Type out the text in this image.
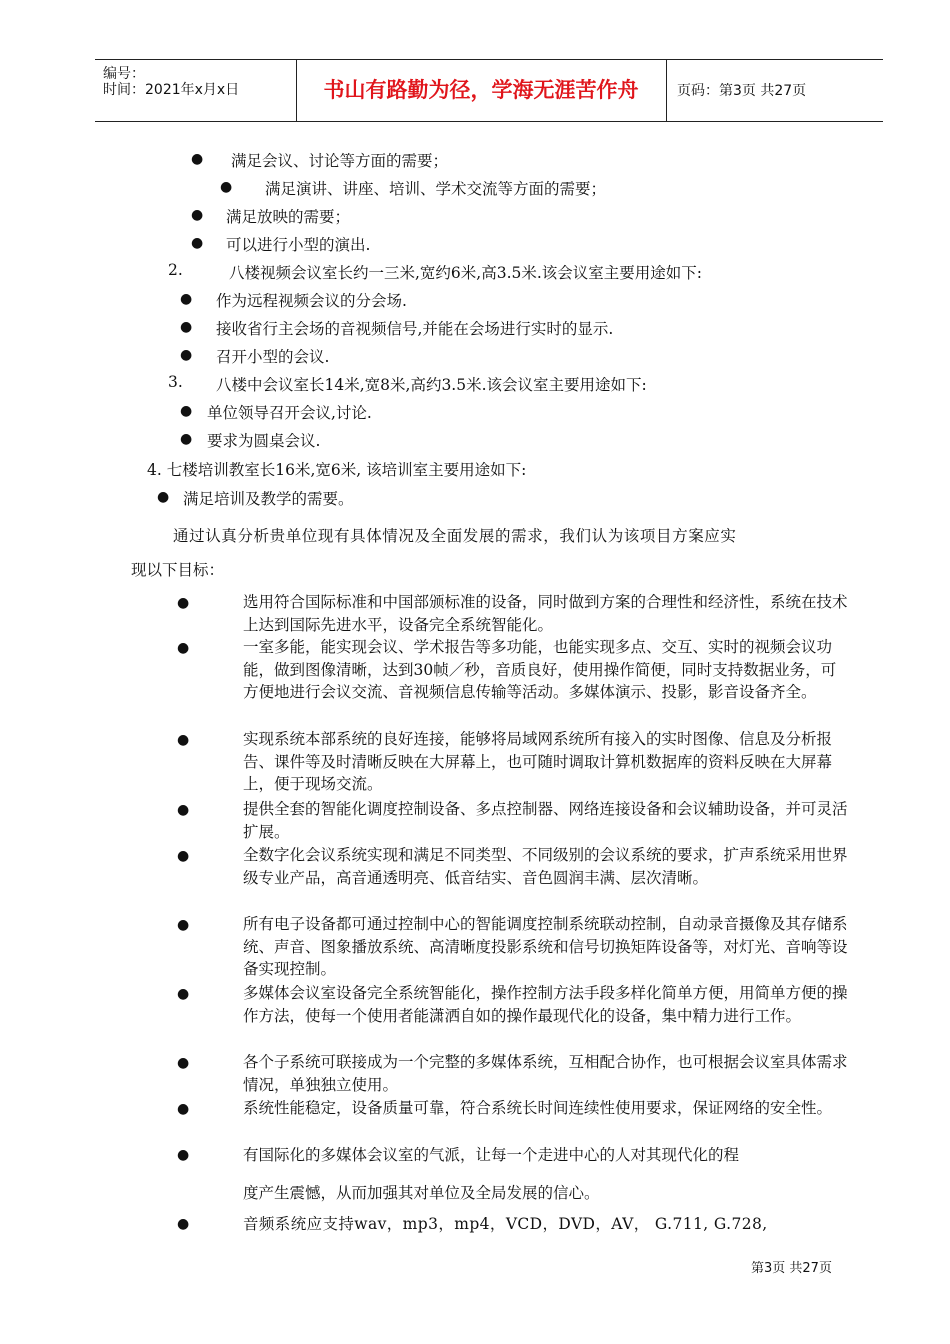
编号：
时间：2021年x月x日	书山有路勤为径，学海无涯苦作舟	页码：第3页 共27页
● 满足会议、讨论等方面的需要；
● 满足演讲、讲座、培训、学术交流等方面的需要；
● 满足放映的需要；
● 可以进行小型的演出.
2.	八楼视频会议室长约一三米,宽约6米,高3.5米.该会议室主要用途如下:
● 作为远程视频会议的分会场.
● 接收省行主会场的音视频信号,并能在会场进行实时的显示.
● 召开小型的会议.
3. 八楼中会议室长14米,宽8米,高约3.5米.该会议室主要用途如下:
● 单位领导召开会议,讨论.
● 要求为圆桌会议.
4. 七楼培训教室长16米,宽6米, 该培训室主要用途如下:
● 满足培训及教学的需要。
通过认真分析贵单位现有具体情况及全面发展的需求，我们认为该项目方案应实
现以下目标：
●	选用符合国际标准和中国部颁标准的设备，同时做到方案的合理性和经济性，系统在技术上达到国际先进水平，设备完全系统智能化。
●	一室多能，能实现会议、学术报告等多功能，也能实现多点、交互、实时的视频会议功能，做到图像清晰，达到30帧／秒，音质良好，使用操作简便，同时支持数据业务，可方便地进行会议交流、音视频信息传输等活动。多媒体演示、投影，影音设备齐全。
●	实现系统本部系统的良好连接，能够将局域网系统所有接入的实时图像、信息及分析报告、课件等及时清晰反映在大屏幕上，也可随时调取计算机数据库的资料反映在大屏幕上，便于现场交流。
●	提供全套的智能化调度控制设备、多点控制器、网络连接设备和会议辅助设备，并可灵活扩展。
●	全数字化会议系统实现和满足不同类型、不同级别的会议系统的要求，扩声系统采用世界级专业产品，高音通透明亮、低音结实、音色圆润丰满、层次清晰。
●	所有电子设备都可通过控制中心的智能调度控制系统联动控制，自动录音摄像及其存储系统、声音、图象播放系统、高清晰度投影系统和信号切换矩阵设备等，对灯光、音响等设备实现控制。
●	多媒体会议室设备完全系统智能化，操作控制方法手段多样化简单方便，用简单方便的操作方法，使每一个使用者能潇洒自如的操作最现代化的设备，集中精力进行工作。
●	各个子系统可联接成为一个完整的多媒体系统，互相配合协作，也可根据会议室具体需求情况，单独独立使用。
●	系统性能稳定，设备质量可靠，符合系统长时间连续性使用要求，保证网络的安全性。
●	有国际化的多媒体会议室的气派，让每一个走进中心的人对其现代化的程
度产生震憾，从而加强其对单位及全局发展的信心。
●	音频系统应支持wav，mp3，mp4，VCD，DVD，AV， G.711, G.728,
第3页 共27页
